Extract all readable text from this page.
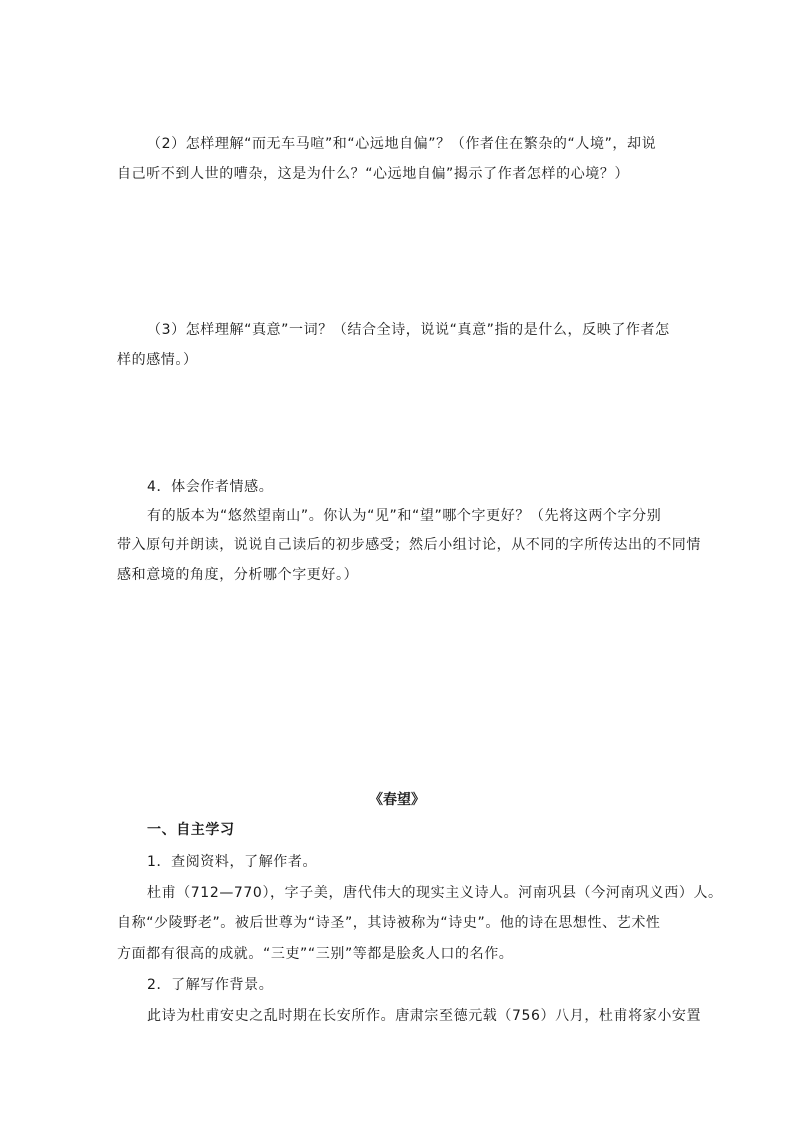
（2）怎样理解“而无车马喧”和“心远地自偏”？（作者住在繁杂的“人境”，却说
自己听不到人世的嘈杂，这是为什么？“心远地自偏”揭示了作者怎样的心境？）
（3）怎样理解“真意”一词？（结合全诗，说说“真意”指的是什么，反映了作者怎
样的感情。）
4．体会作者情感。
有的版本为“悠然望南山”。你认为“见”和“望”哪个字更好？（先将这两个字分别
带入原句并朗读，说说自己读后的初步感受；然后小组讨论，从不同的字所传达出的不同情
感和意境的角度，分析哪个字更好。）
《春望》
一、自主学习
1．查阅资料，了解作者。
杜甫（712—770），字子美，唐代伟大的现实主义诗人。河南巩县（今河南巩义西）人。
自称“少陵野老”。被后世尊为“诗圣”，其诗被称为“诗史”。他的诗在思想性、艺术性
方面都有很高的成就。“三吏”“三别”等都是脍炙人口的名作。
2．了解写作背景。
此诗为杜甫安史之乱时期在长安所作。唐肃宗至德元载（756）八月，杜甫将家小安置
